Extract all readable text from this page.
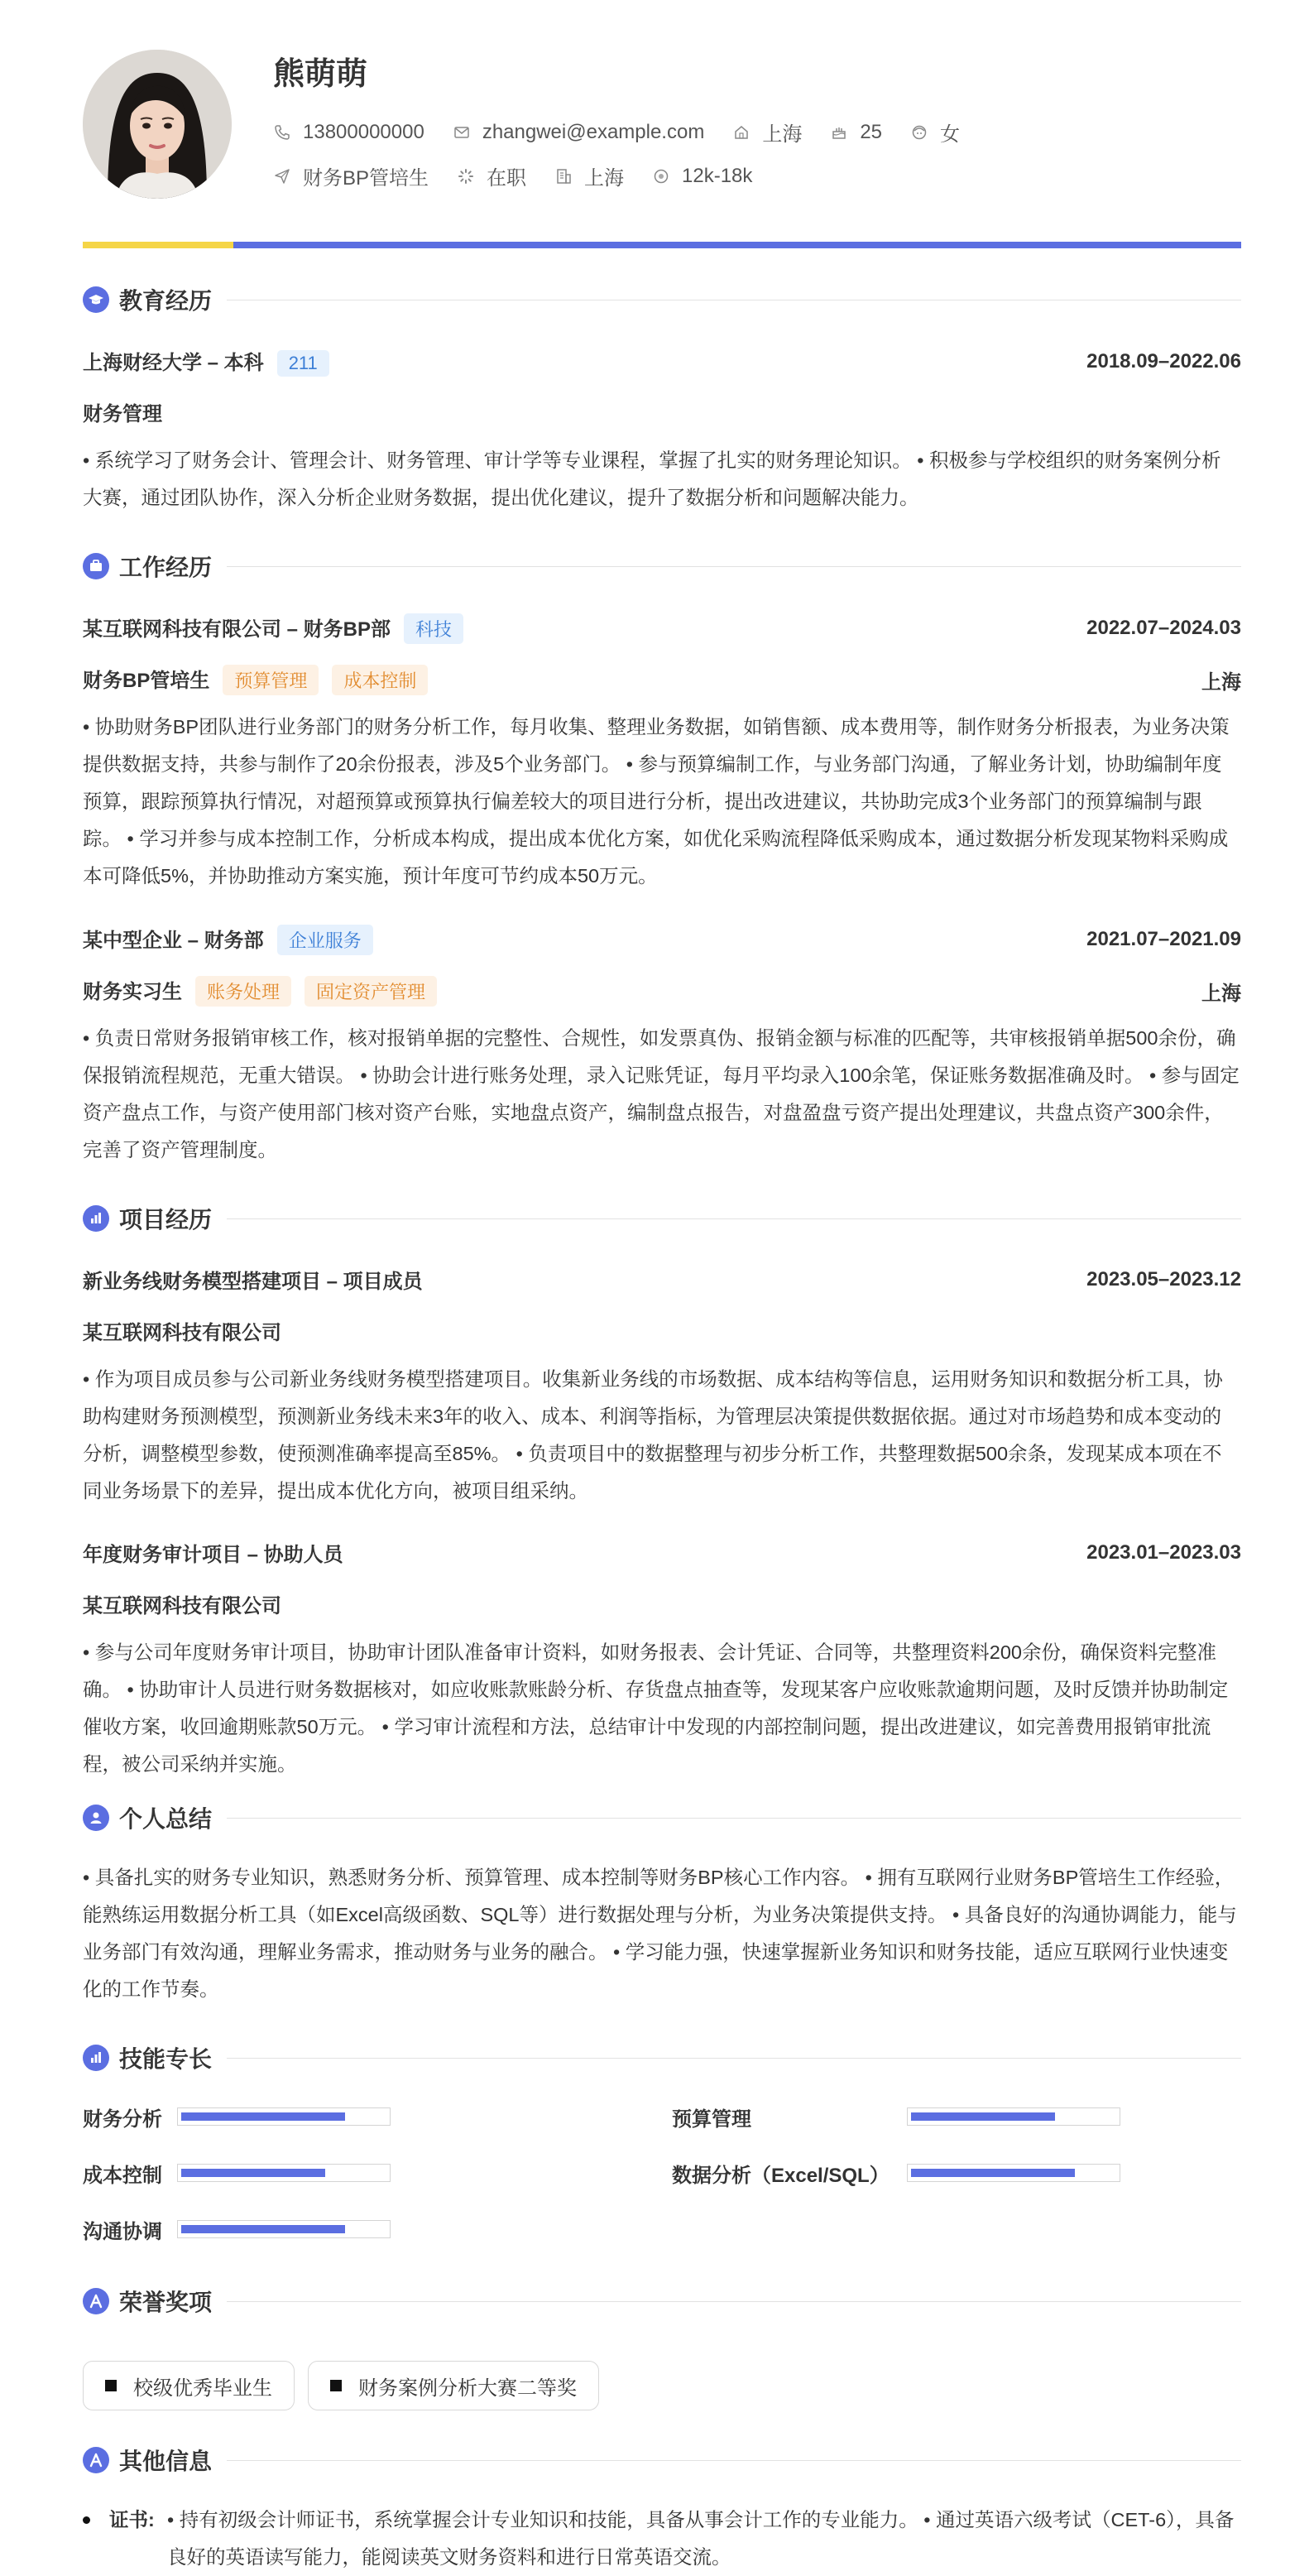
熊萌萌
13800000000	zhangwei@example.com	上海	25	女
财务BP管培生	在职	上海	12k-18k
教育经历
上海财经大学 – 本科 211	2018.09–2022.06
财务管理
• 系统学习了财务会计、管理会计、财务管理、审计学等专业课程，掌握了扎实的财务理论知识。 • 积极参与学校组织的财务案例分析大赛，通过团队协作，深入分析企业财务数据，提出优化建议，提升了数据分析和问题解决能力。
工作经历
某互联网科技有限公司 – 财务BP部 科技	2022.07–2024.03
财务BP管培生 预算管理 成本控制	上海
• 协助财务BP团队进行业务部门的财务分析工作，每月收集、整理业务数据，如销售额、成本费用等，制作财务分析报表，为业务决策提供数据支持，共参与制作了20余份报表，涉及5个业务部门。 • 参与预算编制工作，与业务部门沟通，了解业务计划，协助编制年度预算，跟踪预算执行情况，对超预算或预算执行偏差较大的项目进行分析，提出改进建议，共协助完成3个业务部门的预算编制与跟踪。 • 学习并参与成本控制工作，分析成本构成，提出成本优化方案，如优化采购流程降低采购成本，通过数据分析发现某物料采购成本可降低5%，并协助推动方案实施，预计年度可节约成本50万元。
某中型企业 – 财务部 企业服务	2021.07–2021.09
财务实习生 账务处理 固定资产管理	上海
• 负责日常财务报销审核工作，核对报销单据的完整性、合规性，如发票真伪、报销金额与标准的匹配等，共审核报销单据500余份，确保报销流程规范，无重大错误。 • 协助会计进行账务处理，录入记账凭证，每月平均录入100余笔，保证账务数据准确及时。 • 参与固定资产盘点工作，与资产使用部门核对资产台账，实地盘点资产，编制盘点报告，对盘盈盘亏资产提出处理建议，共盘点资产300余件，完善了资产管理制度。
项目经历
新业务线财务模型搭建项目 – 项目成员	2023.05–2023.12
某互联网科技有限公司
• 作为项目成员参与公司新业务线财务模型搭建项目。收集新业务线的市场数据、成本结构等信息，运用财务知识和数据分析工具，协助构建财务预测模型，预测新业务线未来3年的收入、成本、利润等指标，为管理层决策提供数据依据。通过对市场趋势和成本变动的分析，调整模型参数，使预测准确率提高至85%。 • 负责项目中的数据整理与初步分析工作，共整理数据500余条，发现某成本项在不同业务场景下的差异，提出成本优化方向，被项目组采纳。
年度财务审计项目 – 协助人员	2023.01–2023.03
某互联网科技有限公司
• 参与公司年度财务审计项目，协助审计团队准备审计资料，如财务报表、会计凭证、合同等，共整理资料200余份，确保资料完整准确。 • 协助审计人员进行财务数据核对，如应收账款账龄分析、存货盘点抽查等，发现某客户应收账款逾期问题，及时反馈并协助制定催收方案，收回逾期账款50万元。 • 学习审计流程和方法，总结审计中发现的内部控制问题，提出改进建议，如完善费用报销审批流程，被公司采纳并实施。
个人总结
• 具备扎实的财务专业知识，熟悉财务分析、预算管理、成本控制等财务BP核心工作内容。 • 拥有互联网行业财务BP管培生工作经验，能熟练运用数据分析工具（如Excel高级函数、SQL等）进行数据处理与分析，为业务决策提供支持。 • 具备良好的沟通协调能力，能与业务部门有效沟通，理解业务需求，推动财务与业务的融合。 • 学习能力强，快速掌握新业务知识和财务技能，适应互联网行业快速变化的工作节奏。
技能专长
财务分析	预算管理
成本控制	数据分析（Excel/SQL）
沟通协调
荣誉奖项
校级优秀毕业生	财务案例分析大赛二等奖
其他信息
证书: • 持有初级会计师证书，系统掌握会计专业知识和技能，具备从事会计工作的专业能力。 • 通过英语六级考试（CET-6），具备良好的英语读写能力，能阅读英文财务资料和进行日常英语交流。
